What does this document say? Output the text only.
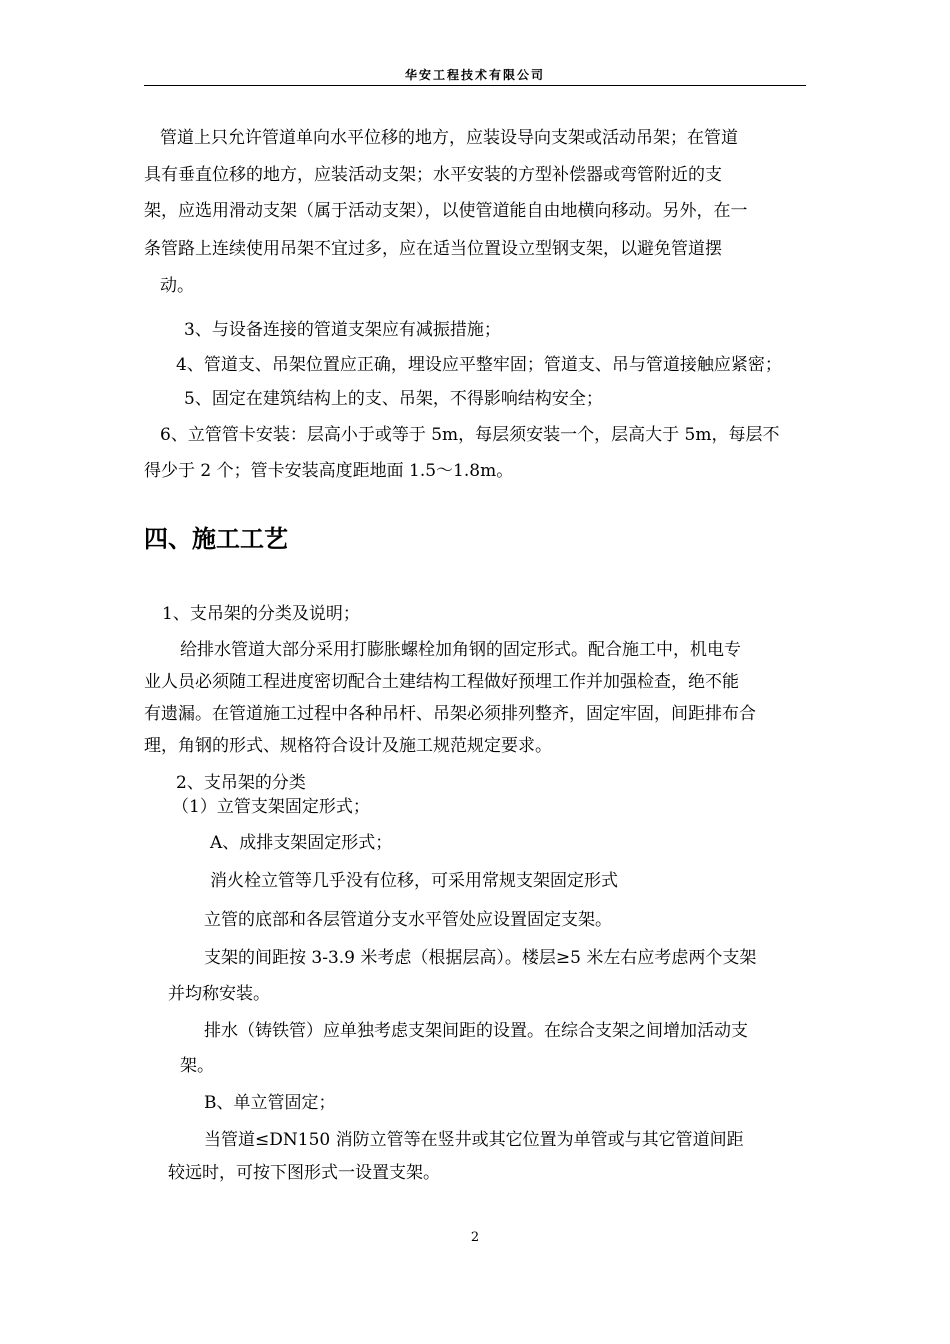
华安工程技术有限公司
管道上只允许管道单向水平位移的地方，应装设导向支架或活动吊架；在管道
具有垂直位移的地方，应装活动支架；水平安装的方型补偿器或弯管附近的支
架，应选用滑动支架（属于活动支架），以使管道能自由地横向移动。另外，在一
条管路上连续使用吊架不宜过多，应在适当位置设立型钢支架，以避免管道摆
动。
3、与设备连接的管道支架应有减振措施；
4、管道支、吊架位置应正确，埋设应平整牢固；管道支、吊与管道接触应紧密；
5、固定在建筑结构上的支、吊架，不得影响结构安全；
6、立管管卡安装：层高小于或等于 5m，每层须安装一个，层高大于 5m，每层不
得少于 2 个；管卡安装高度距地面 1.5～1.8m。
四、施工工艺
1、支吊架的分类及说明；
给排水管道大部分采用打膨胀螺栓加角钢的固定形式。配合施工中，机电专
业人员必须随工程进度密切配合土建结构工程做好预埋工作并加强检查，绝不能
有遗漏。在管道施工过程中各种吊杆、吊架必须排列整齐，固定牢固，间距排布合
理，角钢的形式、规格符合设计及施工规范规定要求。
2、支吊架的分类
（1）立管支架固定形式；
A、成排支架固定形式；
消火栓立管等几乎没有位移，可采用常规支架固定形式
立管的底部和各层管道分支水平管处应设置固定支架。
支架的间距按 3-3.9 米考虑（根据层高）。楼层≥5 米左右应考虑两个支架
并均称安装。
排水（铸铁管）应单独考虑支架间距的设置。在综合支架之间增加活动支
架。
B、单立管固定；
当管道≤DN150 消防立管等在竖井或其它位置为单管或与其它管道间距
较远时，可按下图形式一设置支架。
2
